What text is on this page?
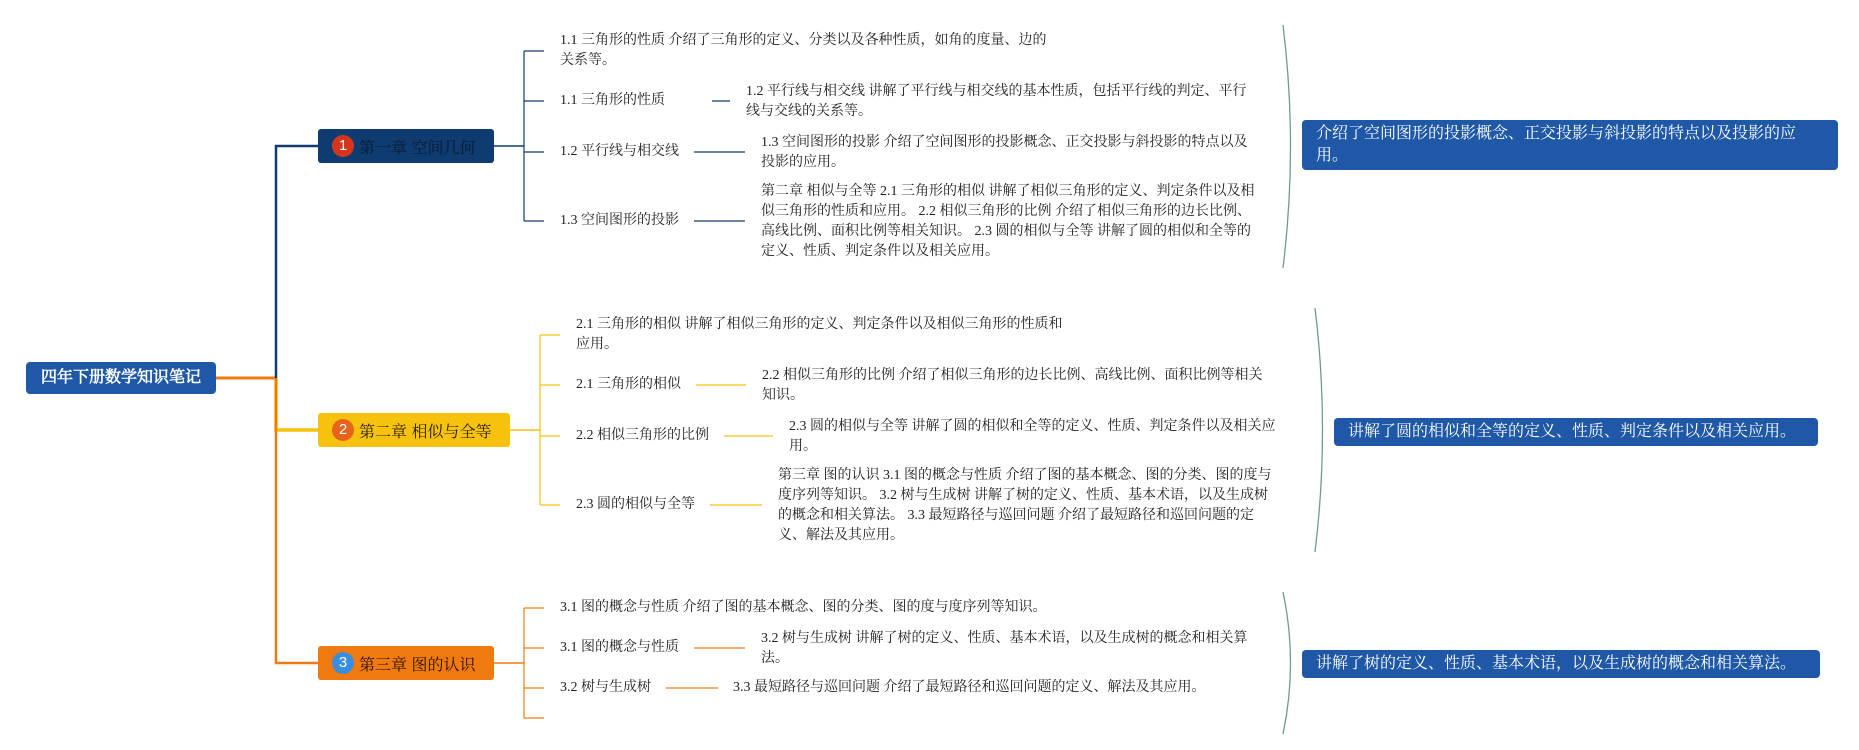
四年下册数学知识笔记
1 第一章 空间几何
1.1 三角形的性质 介绍了三角形的定义、分类以及各种性质，如角的度量、边的关系等。
1.1 三角形的性质
1.2 平行线与相交线 讲解了平行线与相交线的基本性质，包括平行线的判定、平行线与交线的关系等。
1.2 平行线与相交线
1.3 空间图形的投影 介绍了空间图形的投影概念、正交投影与斜投影的特点以及投影的应用。
1.3 空间图形的投影
第二章 相似与全等 2.1 三角形的相似 讲解了相似三角形的定义、判定条件以及相似三角形的性质和应用。 2.2 相似三角形的比例 介绍了相似三角形的边长比例、高线比例、面积比例等相关知识。 2.3 圆的相似与全等 讲解了圆的相似和全等的定义、性质、判定条件以及相关应用。
介绍了空间图形的投影概念、正交投影与斜投影的特点以及投影的应用。
2 第二章 相似与全等
2.1 三角形的相似 讲解了相似三角形的定义、判定条件以及相似三角形的性质和应用。
2.1 三角形的相似
2.2 相似三角形的比例 介绍了相似三角形的边长比例、高线比例、面积比例等相关知识。
2.2 相似三角形的比例
2.3 圆的相似与全等 讲解了圆的相似和全等的定义、性质、判定条件以及相关应用。
2.3 圆的相似与全等
第三章 图的认识 3.1 图的概念与性质 介绍了图的基本概念、图的分类、图的度与度序列等知识。 3.2 树与生成树 讲解了树的定义、性质、基本术语，以及生成树的概念和相关算法。 3.3 最短路径与巡回问题 介绍了最短路径和巡回问题的定义、解法及其应用。
讲解了圆的相似和全等的定义、性质、判定条件以及相关应用。
3 第三章 图的认识
3.1 图的概念与性质 介绍了图的基本概念、图的分类、图的度与度序列等知识。
3.1 图的概念与性质
3.2 树与生成树 讲解了树的定义、性质、基本术语，以及生成树的概念和相关算法。
3.2 树与生成树	3.3 最短路径与巡回问题 介绍了最短路径和巡回问题的定义、解法及其应用。
讲解了树的定义、性质、基本术语，以及生成树的概念和相关算法。
